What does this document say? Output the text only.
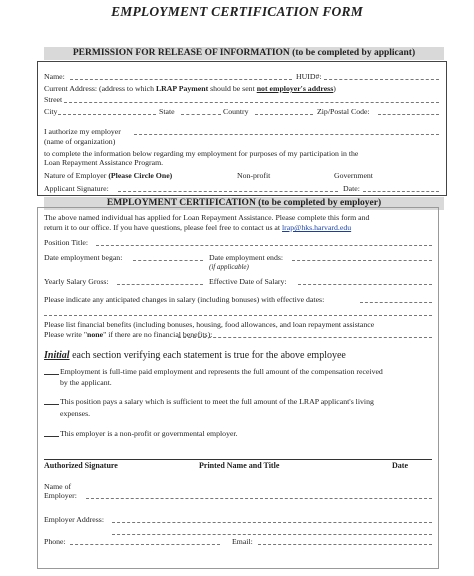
EMPLOYMENT CERTIFICATION FORM
PERMISSION FOR RELEASE OF INFORMATION (to be completed by applicant)
Name:	HUID#:
Current Address: (address to which LRAP Payment should be sent not employer's address)
Street
City	State	Country	Zip/Postal Code:
I authorize my employer
(name of organization)
to complete the information below regarding my employment for purposes of my participation in the
Loan Repayment Assistance Program.
Nature of Employer (Please Circle One)	Non-profit	Government
Applicant Signature:	Date:
EMPLOYMENT CERTIFICATION (to be completed by employer)
The above named individual has applied for Loan Repayment Assistance. Please complete this form and
return it to our office. If you have questions, please feel free to contact us at lrap@hks.harvard.edu
Position Title:
Date employment began:	Date employment ends:
(if applicable)
Yearly Salary Gross:	Effective Date of Salary:
Please indicate any anticipated changes in salary (including bonuses) with effective dates:
Please list financial benefits (including bonuses, housing, food allowances, and loan repayment assistance
Please write "none" if there are no financial benefits):
Initial each section verifying each statement is true for the above employee
Employment is full-time paid employment and represents the full amount of the compensation received
by the applicant.
This position pays a salary which is sufficient to meet the full amount of the LRAP applicant's living
expenses.
This employer is a non-profit or governmental employer.
Authorized Signature	Printed Name and Title	Date
Name of
Employer:
Employer Address:
Phone:	Email:
